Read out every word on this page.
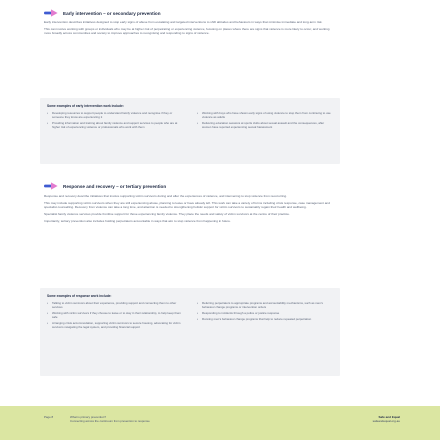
Early intervention – or secondary prevention

Early intervention describes initiatives designed to stop early signs of abuse from escalating and targeted interventions to shift attitudes and behaviours in ways that minimise immediate and long-term risk.

This can involve working with groups or individuals who may be at higher risk of perpetrating or experiencing violence, focusing on places where there are signs that violence is more likely to occur, and working more broadly across communities and society to improve approaches to recognising and responding to signs of violence.

Some examples of early intervention work include:
• Developing resources to support people to understand family violence and recognise if they or someone they know are experiencing it
• Providing information and training about family violence and support services to people who are at higher risk of experiencing violence or professionals who work with them
• Working with boys who have shown early signs of using violence to stop them from continuing to use violence as adults
• Delivering education sessions at sports clubs about sexual assault and the consequences, after women have reported experiencing sexual harassment
Response and recovery – or tertiary prevention

Response and recovery describe initiatives that involve supporting victim survivors during and after the experiences of violence, and intervening to stop violence from reoccurring.

This may include supporting victim survivors when they are still experiencing abuse, planning to leave or have already left. This work can take a variety of forms including crisis response, case management and specialist counselling. Recovery from violence can take a long time, and attention is needed to strengthening holistic support for victim survivors to sustainably regain their health and wellbeing.

Specialist family violence services provide frontline support for those experiencing family violence. They place the needs and safety of victim survivors at the centre of their practice.

Importantly, tertiary prevention also includes holding perpetrators accountable in ways that aim to stop violence from happening in future.

Some examples of response work include:
• Talking to victim survivors about their experience, providing support and connecting them to other services
• Working with victim survivors if they choose to leave or to stay in their relationship, to help keep them safe
• Arranging crisis accommodation, supporting victim survivors to secure housing, advocating for victim survivors navigating the legal system, and providing financial support
• Referring perpetrators to appropriate programs and accountability mechanisms, such as men's behaviour change programs or intervention orders
• Responding to incidents through a police or justice response
• Running men's behaviour change programs that help to reduce repeated perpetration
Page 8	What is primary prevention?
Connecting across the continuum from prevention to response
Safe and Equal
safeandequal.org.au
